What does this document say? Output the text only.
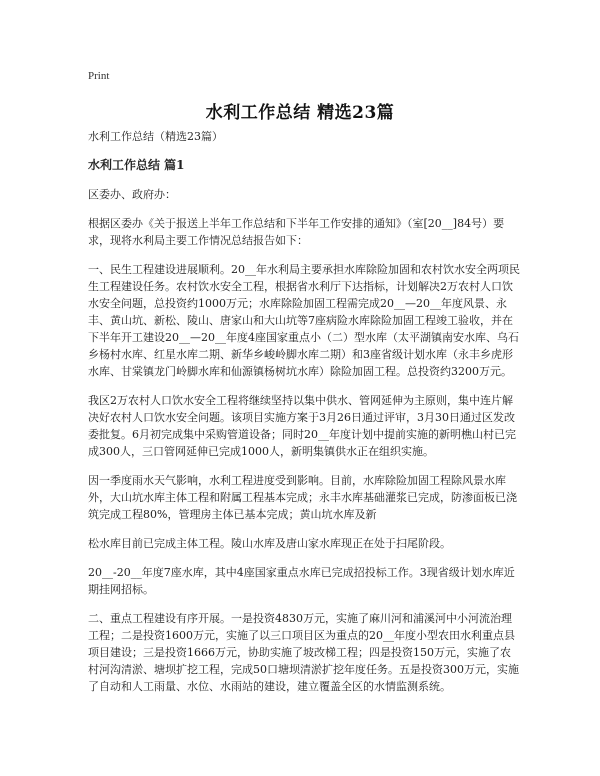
Print
水利工作总结 精选23篇

水利工作总结（精选23篇）

水利工作总结 篇1

区委办、政府办：

根据区委办《关于报送上半年工作总结和下半年工作安排的通知》（室[20__]84号）要求，现将水利局主要工作情况总结报告如下：

一、民生工程建设进展顺利。20__年水利局主要承担水库除险加固和农村饮水安全两项民生工程建设任务。农村饮水安全工程，根据省水利厅下达指标，计划解决2万农村人口饮水安全问题，总投资约1000万元；水库除险加固工程需完成20__—20__年度风景、永丰、黄山坑、新松、陵山、唐家山和大山坑等7座病险水库除险加固工程竣工验收，并在下半年开工建设20__—20__年度4座国家重点小（二）型水库（太平湖镇南安水库、乌石乡杨村水库、红星水库二期、新华乡峻岭脚水库二期）和3座省级计划水库（永丰乡虎形水库、甘棠镇龙门岭脚水库和仙源镇杨树坑水库）除险加固工程。总投资约3200万元。

我区2万农村人口饮水安全工程将继续坚持以集中供水、管网延伸为主原则，集中连片解决好农村人口饮水安全问题。该项目实施方案于3月26日通过评审，3月30日通过区发改委批复。6月初完成集中采购管道设备；同时20__年度计划中提前实施的新明樵山村已完成300人，三口管网延伸已完成1000人，新明集镇供水正在组织实施。

因一季度雨水天气影响，水利工程进度受到影响。目前，水库除险加固工程除风景水库外，大山坑水库主体工程和附属工程基本完成；永丰水库基础灌浆已完成，防渗面板已浇筑完成工程80%，管理房主体已基本完成；黄山坑水库及新

松水库目前已完成主体工程。陵山水库及唐山家水库现正在处于扫尾阶段。

20__-20__年度7座水库，其中4座国家重点水库已完成招投标工作。3现省级计划水库近期挂网招标。

二、重点工程建设有序开展。一是投资4830万元，实施了麻川河和浦溪河中小河流治理工程；二是投资1600万元，实施了以三口项目区为重点的20__年度小型农田水利重点县项目建设；三是投资1666万元，协助实施了坡改梯工程；四是投资150万元，实施了农村河沟清淤、塘坝扩挖工程，完成50口塘坝清淤扩挖年度任务。五是投资300万元，实施了自动和人工雨量、水位、水雨站的建设，建立覆盖全区的水情监测系统。
